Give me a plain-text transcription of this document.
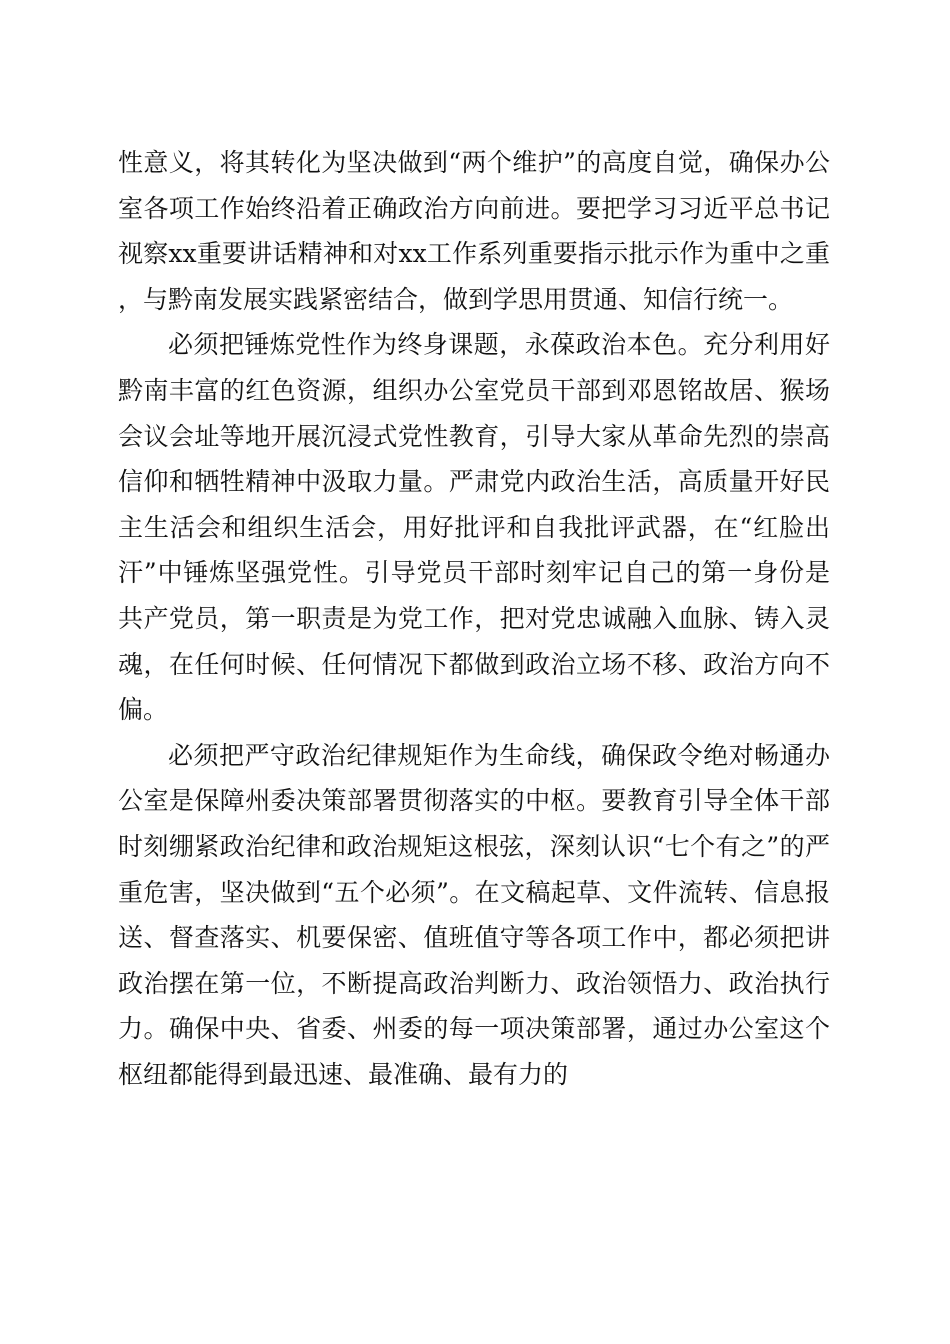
性意义，将其转化为坚决做到“两个维护”的高度自觉，确保办公室各项工作始终沿着正确政治方向前进。要把学习习近平总书记视察xx重要讲话精神和对xx工作系列重要指示批示作为重中之重，与黔南发展实践紧密结合，做到学思用贯通、知信行统一。

必须把锤炼党性作为终身课题，永葆政治本色。充分利用好黔南丰富的红色资源，组织办公室党员干部到邓恩铭故居、猴场会议会址等地开展沉浸式党性教育，引导大家从革命先烈的崇高信仰和牺牲精神中汲取力量。严肃党内政治生活，高质量开好民主生活会和组织生活会，用好批评和自我批评武器，在“红脸出汗”中锤炼坚强党性。引导党员干部时刻牢记自己的第一身份是共产党员，第一职责是为党工作，把对党忠诚融入血脉、铸入灵魂，在任何时候、任何情况下都做到政治立场不移、政治方向不偏。

必须把严守政治纪律规矩作为生命线，确保政令绝对畅通办公室是保障州委决策部署贯彻落实的中枢。要教育引导全体干部时刻绷紧政治纪律和政治规矩这根弦，深刻认识“七个有之”的严重危害，坚决做到“五个必须”。在文稿起草、文件流转、信息报送、督查落实、机要保密、值班值守等各项工作中，都必须把讲政治摆在第一位，不断提高政治判断力、政治领悟力、政治执行力。确保中央、省委、州委的每一项决策部署，通过办公室这个枢纽都能得到最迅速、最准确、最有力的
